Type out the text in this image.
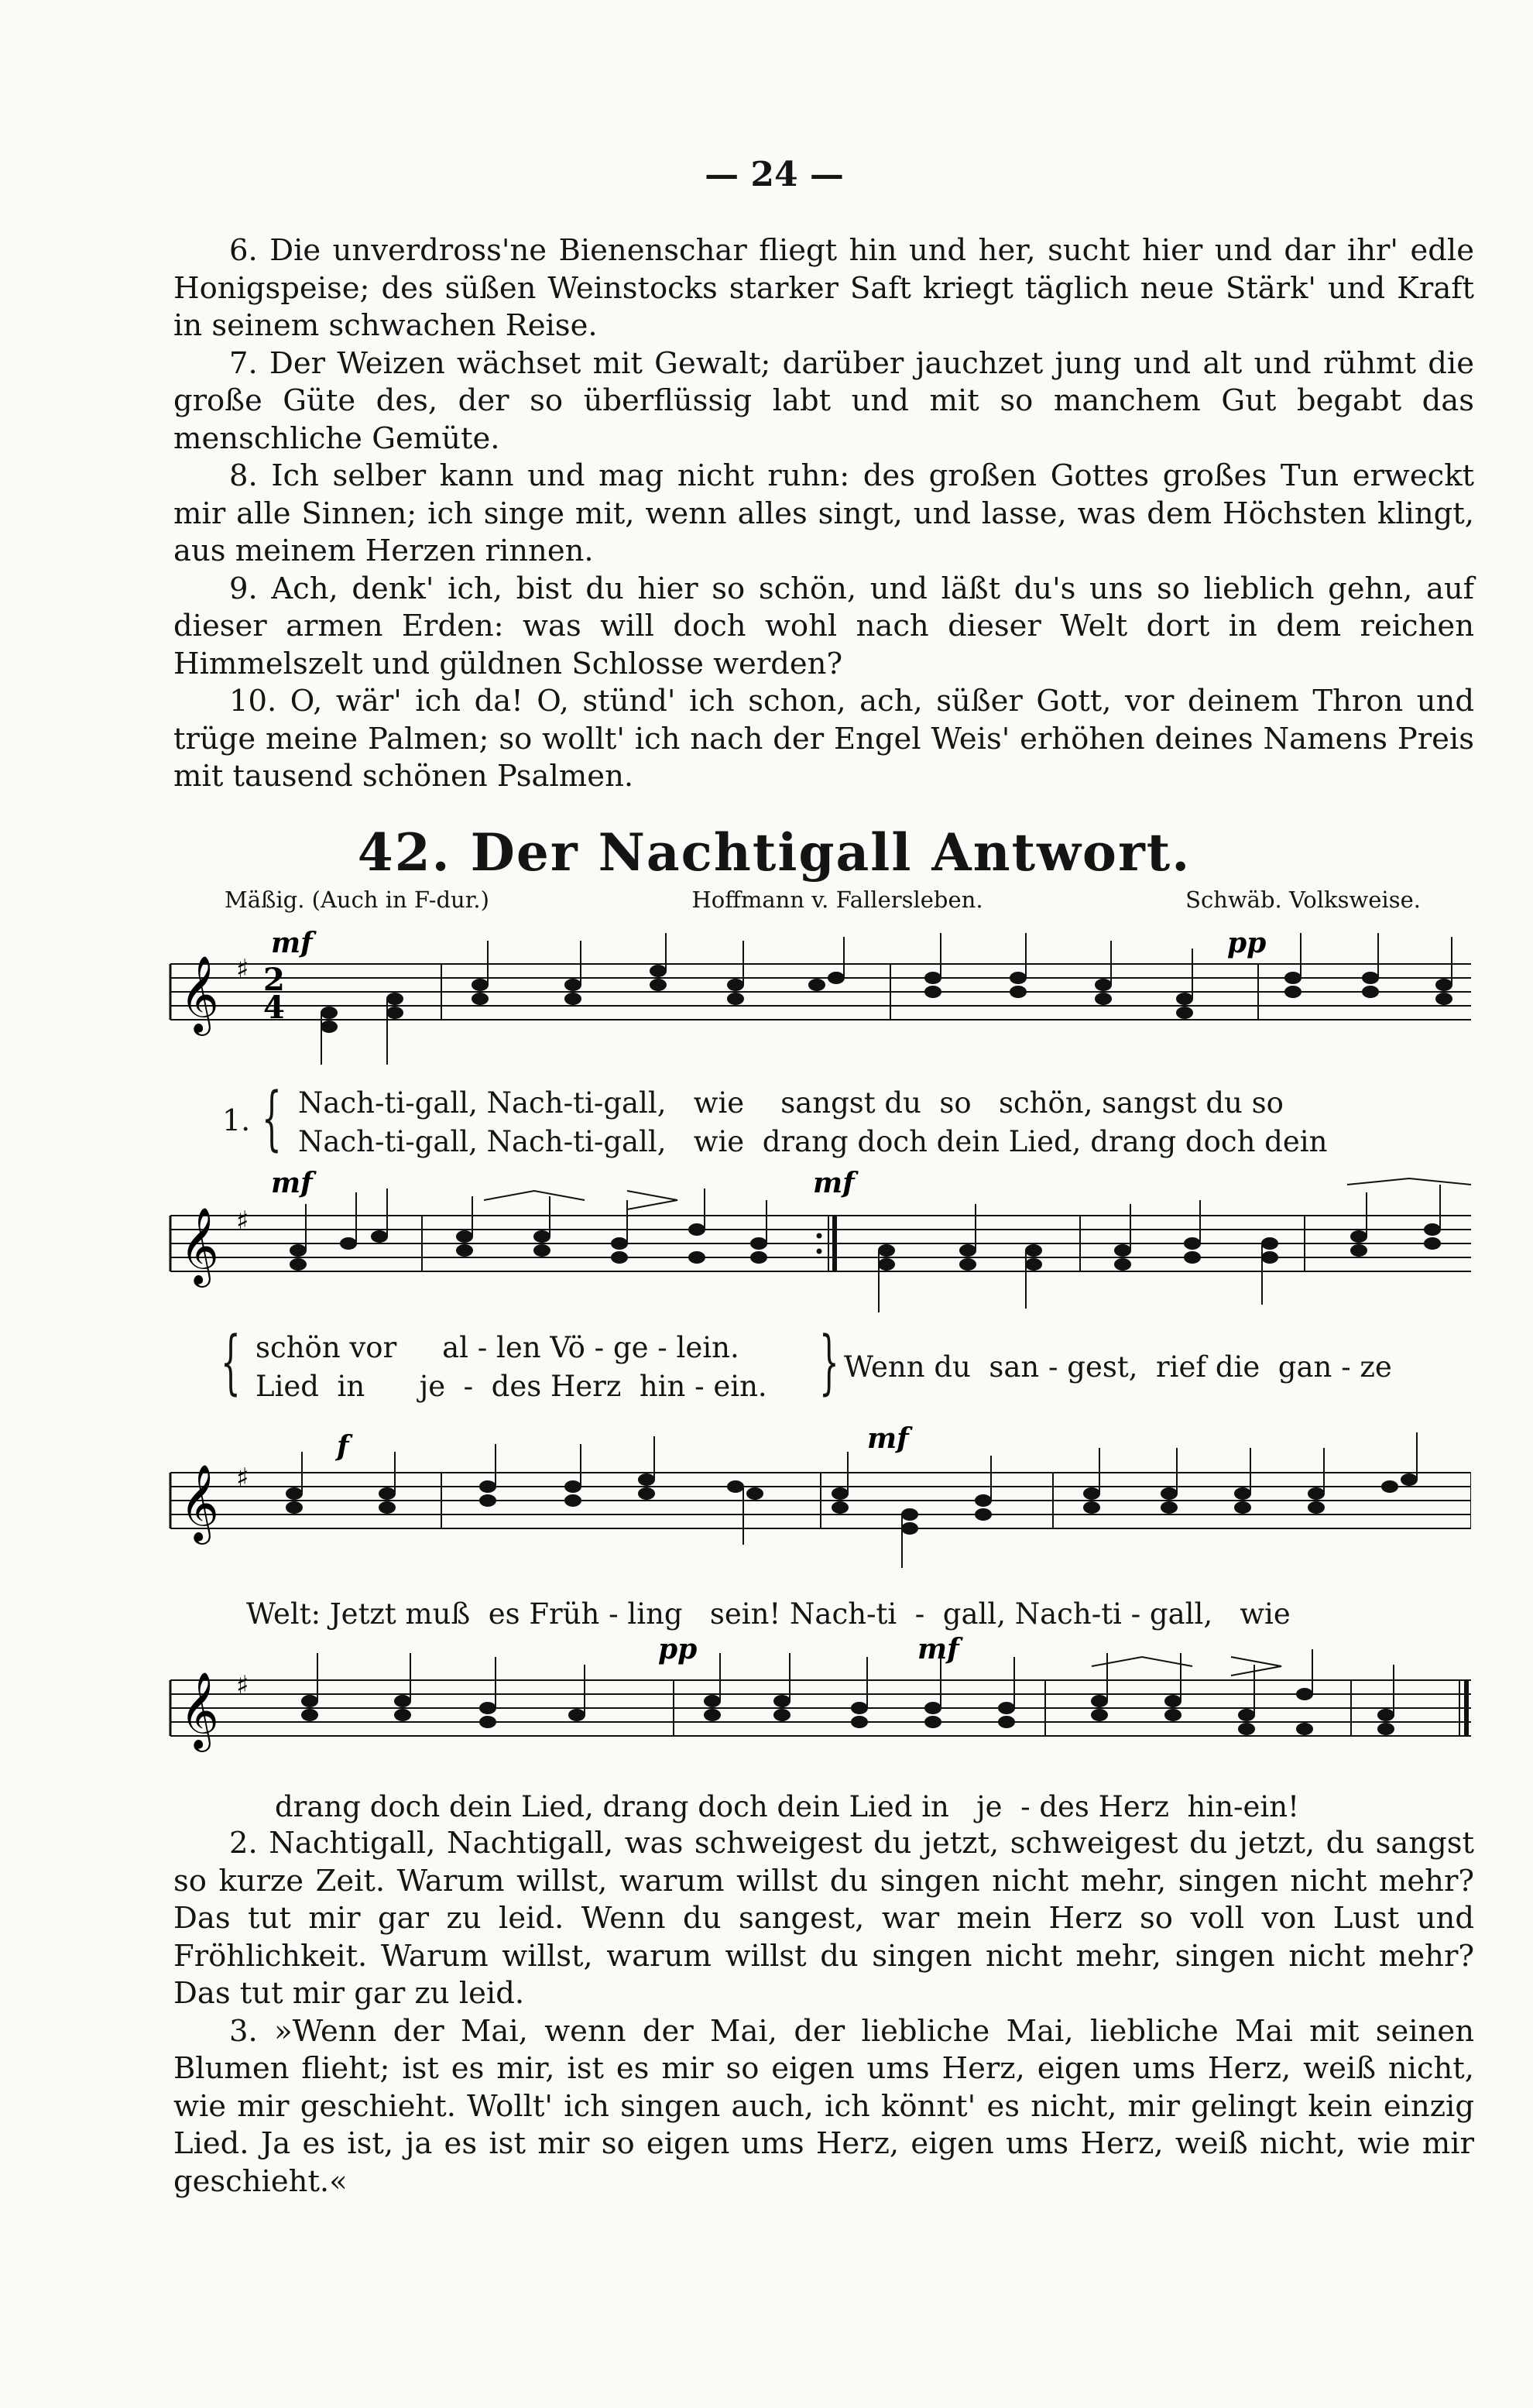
— 24 —

6. Die unverdross'ne Bienenschar fliegt hin und her, sucht hier und dar ihr' edle Honigspeise; des süßen Weinstocks starker Saft kriegt täglich neue Stärk' und Kraft in seinem schwachen Reise.

7. Der Weizen wächset mit Gewalt; darüber jauchzet jung und alt und rühmt die große Güte des, der so überflüssig labt und mit so manchem Gut begabt das menschliche Gemüte.

8. Ich selber kann und mag nicht ruhn: des großen Gottes großes Tun erweckt mir alle Sinnen; ich singe mit, wenn alles singt, und lasse, was dem Höchsten klingt, aus meinem Herzen rinnen.

9. Ach, denk' ich, bist du hier so schön, und läßt du's uns so lieblich gehn, auf dieser armen Erden: was will doch wohl nach dieser Welt dort in dem reichen Himmelszelt und güldnen Schlosse werden?

10. O, wär' ich da! O, stünd' ich schon, ach, süßer Gott, vor deinem Thron und trüge meine Palmen; so wollt' ich nach der Engel Weis' erhöhen deines Namens Preis mit tausend schönen Psalmen.

42. Der Nachtigall Antwort.
Mäßig. (Auch in F-dur.)	Hoffmann v. Fallersleben.	Schwäb. Volksweise.
𝄞 ♯ 2
4
mf	pp
1. { Nach-ti-gall, Nach-ti-gall,   wie    sangst du  so   schön, sangst du so
Nach-ti-gall, Nach-ti-gall,   wie  drang doch dein Lied, drang doch dein
𝄞 ♯
mf	mf
{ schön vor     al - len Vö - ge - lein.
Lied  in      je  -  des Herz  hin - ein. } Wenn du  san - gest,  rief die  gan - ze
𝄞 ♯
f	mf
Welt: Jetzt muß  es Früh - ling   sein! Nach-ti  -  gall, Nach-ti - gall,   wie
𝄞 ♯
pp	mf
drang doch dein Lied, drang doch dein Lied in   je  - des Herz  hin-ein!

2. Nachtigall, Nachtigall, was schweigest du jetzt, schweigest du jetzt, du sangst so kurze Zeit. Warum willst, warum willst du singen nicht mehr, singen nicht mehr? Das tut mir gar zu leid. Wenn du sangest, war mein Herz so voll von Lust und Fröhlichkeit. Warum willst, warum willst du singen nicht mehr, singen nicht mehr? Das tut mir gar zu leid.

3. »Wenn der Mai, wenn der Mai, der liebliche Mai, liebliche Mai mit seinen Blumen flieht; ist es mir, ist es mir so eigen ums Herz, eigen ums Herz, weiß nicht, wie mir geschieht. Wollt' ich singen auch, ich könnt' es nicht, mir gelingt kein einzig Lied. Ja es ist, ja es ist mir so eigen ums Herz, eigen ums Herz, weiß nicht, wie mir geschieht.«
